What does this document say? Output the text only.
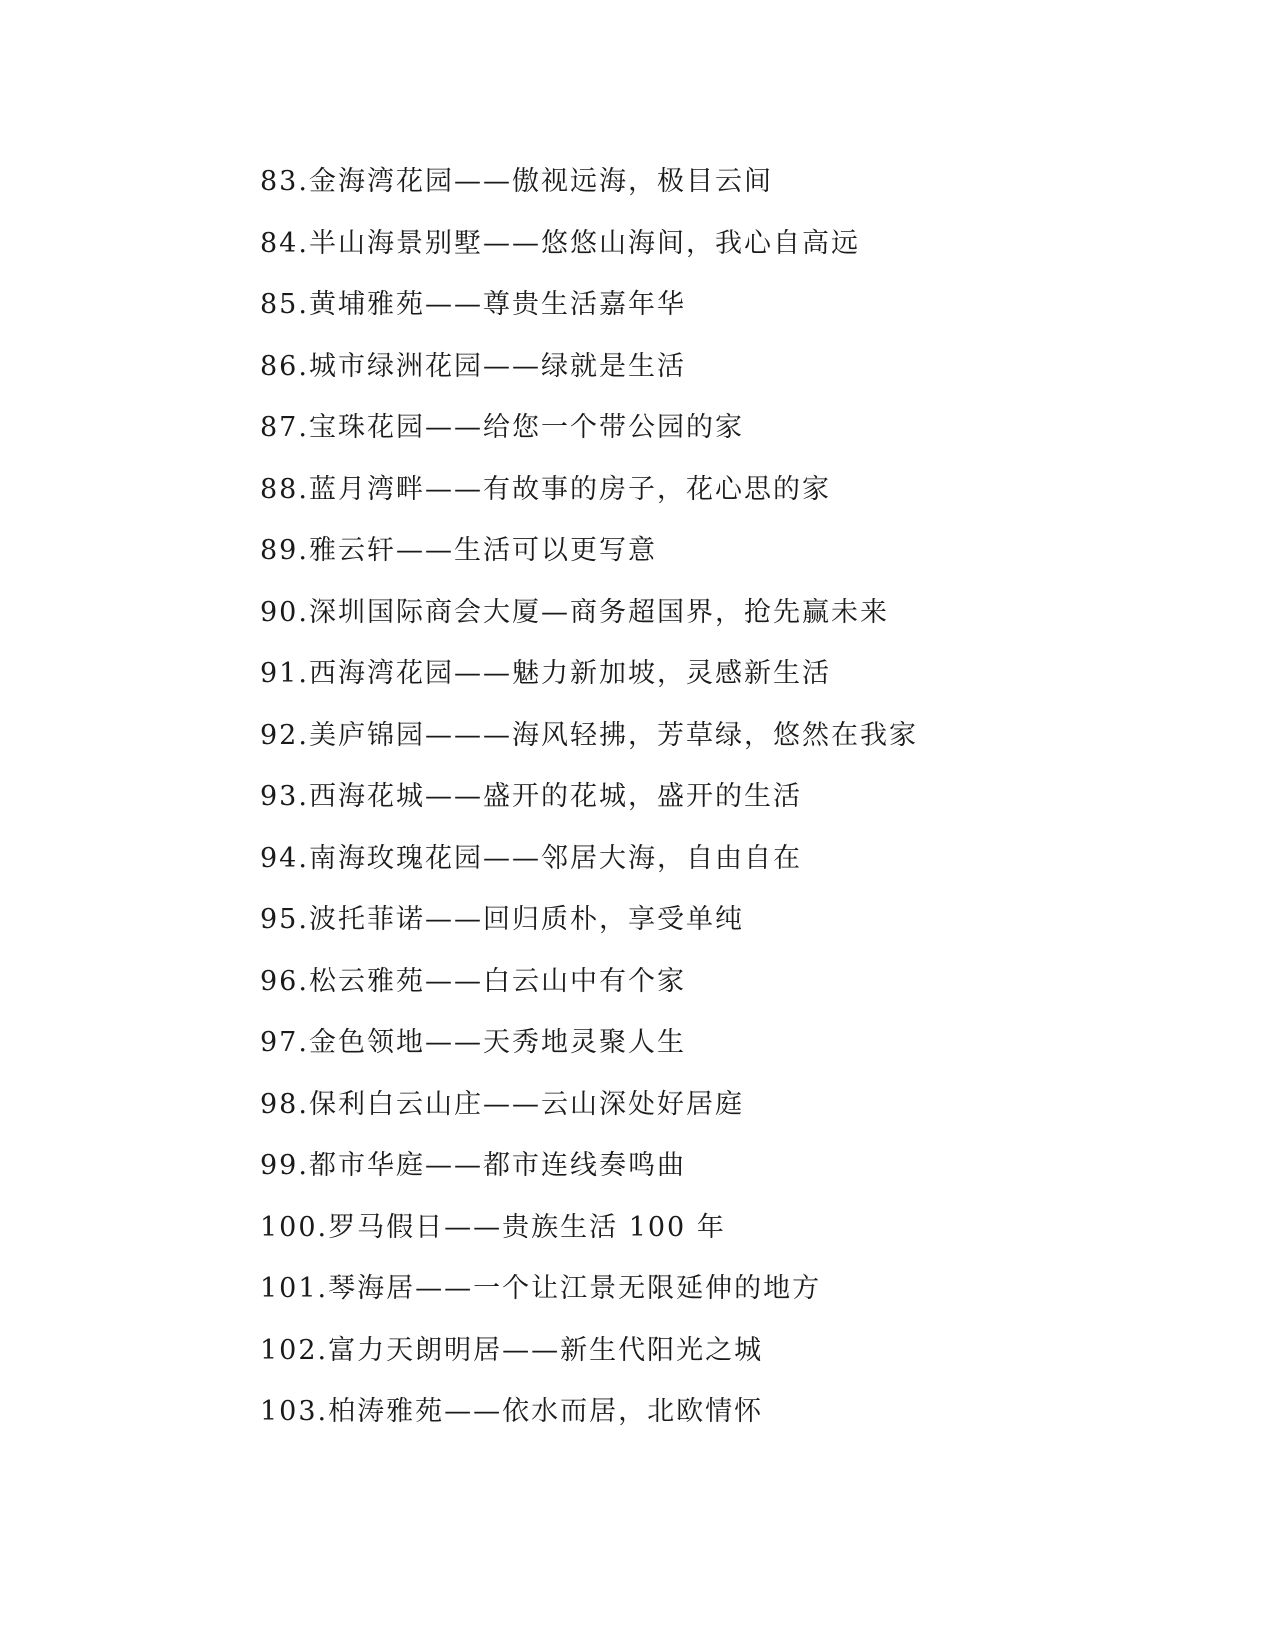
83.金海湾花园——傲视远海，极目云间
84.半山海景别墅——悠悠山海间，我心自高远
85.黄埔雅苑——尊贵生活嘉年华
86.城市绿洲花园——绿就是生活
87.宝珠花园——给您一个带公园的家
88.蓝月湾畔——有故事的房子，花心思的家
89.雅云轩——生活可以更写意
90.深圳国际商会大厦—商务超国界，抢先赢未来
91.西海湾花园——魅力新加坡，灵感新生活
92.美庐锦园———海风轻拂，芳草绿，悠然在我家
93.西海花城——盛开的花城，盛开的生活
94.南海玫瑰花园——邻居大海，自由自在
95.波托菲诺——回归质朴，享受单纯
96.松云雅苑——白云山中有个家
97.金色领地——天秀地灵聚人生
98.保利白云山庄——云山深处好居庭
99.都市华庭——都市连线奏鸣曲
100.罗马假日——贵族生活 100 年
101.琴海居——一个让江景无限延伸的地方
102.富力天朗明居——新生代阳光之城
103.柏涛雅苑——依水而居，北欧情怀
